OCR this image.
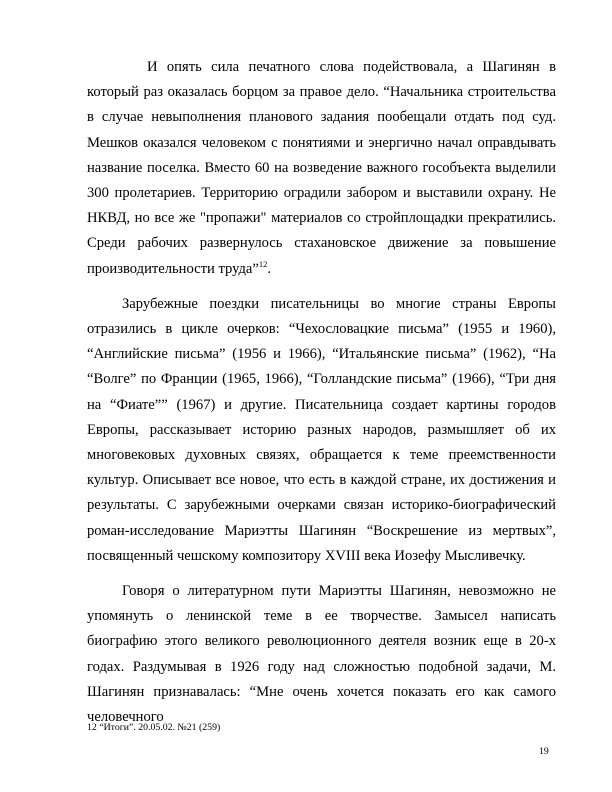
И опять сила печатного слова подействовала, а Шагинян в который раз оказалась борцом за правое дело. “Начальника строительства в случае невыполнения планового задания пообещали отдать под суд. Мешков оказался человеком с понятиями и энергично начал оправдывать название поселка. Вместо 60 на возведение важного гособъекта выделили 300 пролетариев. Территорию оградили забором и выставили охрану. Не НКВД, но все же "пропажи" материалов со стройплощадки прекратились. Среди рабочих развернулось стахановское движение за повышение производительности труда”$^{12}$.

Зарубежные поездки писательницы во многие страны Европы отразились в цикле очерков: “Чехословацкие письма” (1955 и 1960), “Английские письма” (1956 и 1966), “Итальянские письма” (1962), “На “Волге” по Франции (1965, 1966), “Голландские письма” (1966), “Три дня на “Фиате”” (1967) и другие. Писательница создает картины городов Европы, рассказывает историю разных народов, размышляет об их многовековых духовных связях, обращается к теме преемственности культур. Описывает все новое, что есть в каждой стране, их достижения и результаты. С зарубежными очерками связан историко-биографический роман-исследование Мариэтты Шагинян “Воскрешение из мертвых”, посвященный чешскому композитору XVIII века Иозефу Мысливечку.

Говоря о литературном пути Мариэтты Шагинян, невозможно не упомянуть о ленинской теме в ее творчестве. Замысел написать биографию этого великого революционного деятеля возник еще в 20-х годах. Раздумывая в 1926 году над сложностью подобной задачи, М. Шагинян признавалась: “Мне очень хочется показать его как самого человечного

12 “Итоги”. 20.05.02. №21 (259)
19
